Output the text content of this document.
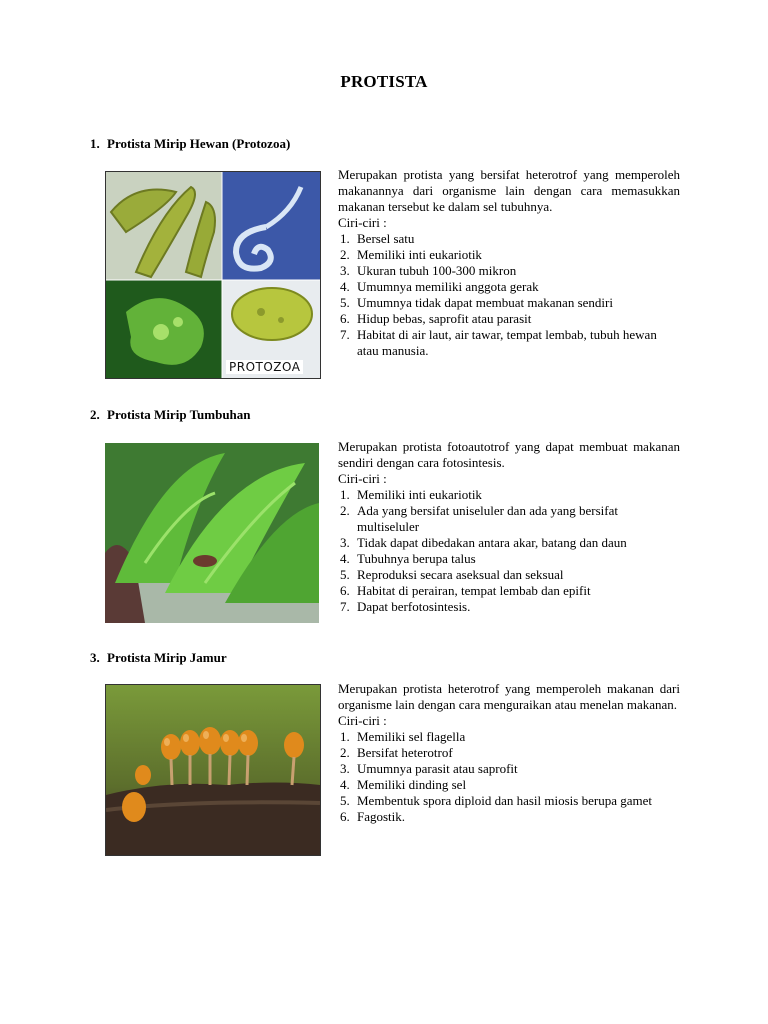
PROTISTA
1. Protista Mirip Hewan (Protozoa)
PROTOZOA

Merupakan protista yang bersifat heterotrof yang memperoleh makanannya dari organisme lain dengan cara memasukkan makanan tersebut ke dalam sel tubuhnya.

Ciri-ciri :

1. Bersel satu
2. Memiliki inti eukariotik
3. Ukuran tubuh 100-300 mikron
4. Umumnya memiliki anggota gerak
5. Umumnya tidak dapat membuat makanan sendiri
6. Hidup bebas, saprofit atau parasit
7. Habitat di air laut, air tawar, tempat lembab, tubuh hewan atau manusia.
2. Protista Mirip Tumbuhan

Merupakan protista fotoautotrof yang dapat membuat makanan sendiri dengan cara fotosintesis.

Ciri-ciri :

1. Memiliki inti eukariotik
2. Ada yang bersifat uniseluler dan ada yang bersifat multiseluler
3. Tidak dapat dibedakan antara akar, batang dan daun
4. Tubuhnya berupa talus
5. Reproduksi secara aseksual dan seksual
6. Habitat di perairan, tempat lembab dan epifit
7. Dapat berfotosintesis.
3. Protista Mirip Jamur

Merupakan protista heterotrof yang memperoleh makanan dari organisme lain dengan cara menguraikan atau menelan makanan.

Ciri-ciri :

1. Memiliki sel flagella
2. Bersifat heterotrof
3. Umumnya parasit atau saprofit
4. Memiliki dinding sel
5. Membentuk spora diploid dan hasil miosis berupa gamet
6. Fagostik.
